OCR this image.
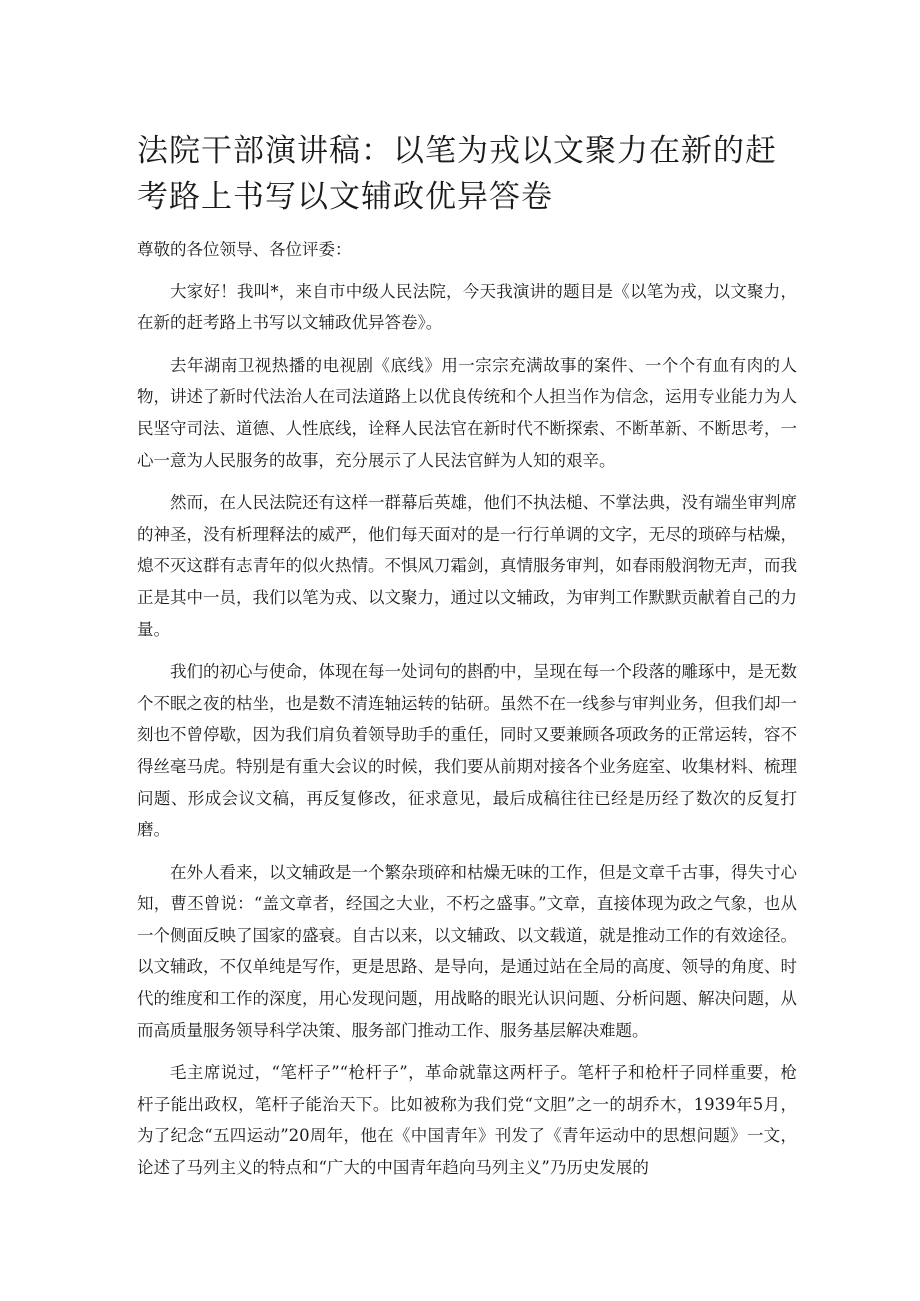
法院干部演讲稿：以笔为戎以文聚力在新的赶考路上书写以文辅政优异答卷

尊敬的各位领导、各位评委：

大家好！我叫*，来自市中级人民法院，今天我演讲的题目是《以笔为戎，以文聚力，在新的赶考路上书写以文辅政优异答卷》。

去年湖南卫视热播的电视剧《底线》用一宗宗充满故事的案件、一个个有血有肉的人物，讲述了新时代法治人在司法道路上以优良传统和个人担当作为信念，运用专业能力为人民坚守司法、道德、人性底线，诠释人民法官在新时代不断探索、不断革新、不断思考，一心一意为人民服务的故事，充分展示了人民法官鲜为人知的艰辛。

然而，在人民法院还有这样一群幕后英雄，他们不执法槌、不掌法典，没有端坐审判席的神圣，没有析理释法的威严，他们每天面对的是一行行单调的文字，无尽的琐碎与枯燥，熄不灭这群有志青年的似火热情。不惧风刀霜剑，真情服务审判，如春雨般润物无声，而我正是其中一员，我们以笔为戎、以文聚力，通过以文辅政，为审判工作默默贡献着自己的力量。

我们的初心与使命，体现在每一处词句的斟酌中，呈现在每一个段落的雕琢中，是无数个不眠之夜的枯坐，也是数不清连轴运转的钻研。虽然不在一线参与审判业务，但我们却一刻也不曾停歇，因为我们肩负着领导助手的重任，同时又要兼顾各项政务的正常运转，容不得丝毫马虎。特别是有重大会议的时候，我们要从前期对接各个业务庭室、收集材料、梳理问题、形成会议文稿，再反复修改，征求意见，最后成稿往往已经是历经了数次的反复打磨。

在外人看来，以文辅政是一个繁杂琐碎和枯燥无味的工作，但是文章千古事，得失寸心知，曹丕曾说：“盖文章者，经国之大业，不朽之盛事。”文章，直接体现为政之气象，也从一个侧面反映了国家的盛衰。自古以来，以文辅政、以文载道，就是推动工作的有效途径。以文辅政，不仅单纯是写作，更是思路、是导向，是通过站在全局的高度、领导的角度、时代的维度和工作的深度，用心发现问题，用战略的眼光认识问题、分析问题、解决问题，从而高质量服务领导科学决策、服务部门推动工作、服务基层解决难题。

毛主席说过，“笔杆子”“枪杆子”，革命就靠这两杆子。笔杆子和枪杆子同样重要，枪杆子能出政权，笔杆子能治天下。比如被称为我们党“文胆”之一的胡乔木，1939年5月，为了纪念“五四运动”20周年，他在《中国青年》刊发了《青年运动中的思想问题》一文，论述了马列主义的特点和“广大的中国青年趋向马列主义”乃历史发展的
